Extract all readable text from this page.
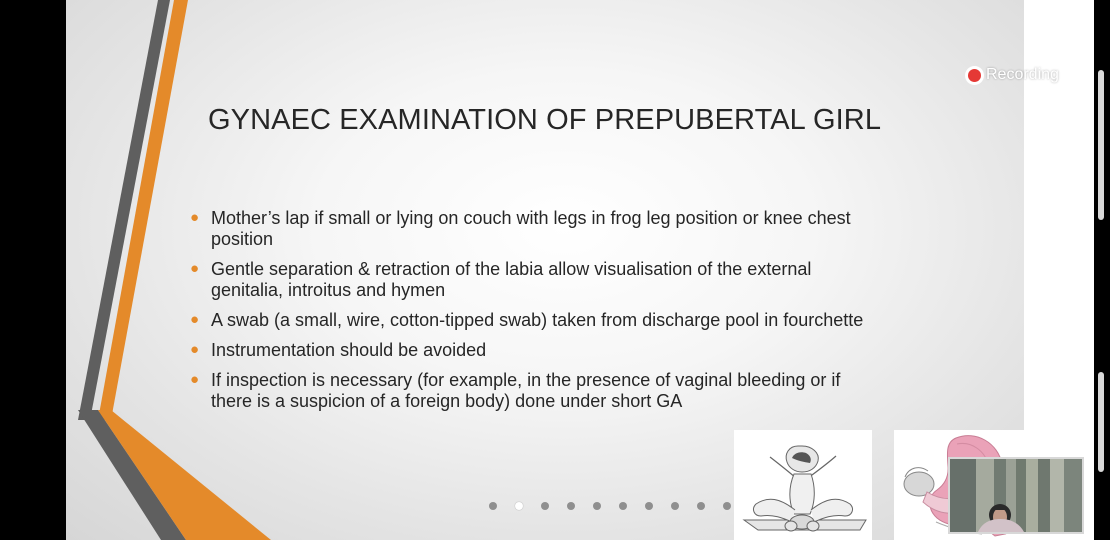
GYNAEC EXAMINATION OF PREPUBERTAL GIRL
● Mother’s lap if small or lying on couch with legs in frog leg position or knee chest
position
● Gentle separation & retraction of the labia allow visualisation of the external
genitalia, introitus and hymen
● A swab (a small, wire, cotton-tipped swab) taken from discharge pool in fourchette
● Instrumentation should be avoided
● If inspection is necessary (for example, in the presence of vaginal bleeding or if
there is a suspicion of a foreign body) done under short GA
Recording
